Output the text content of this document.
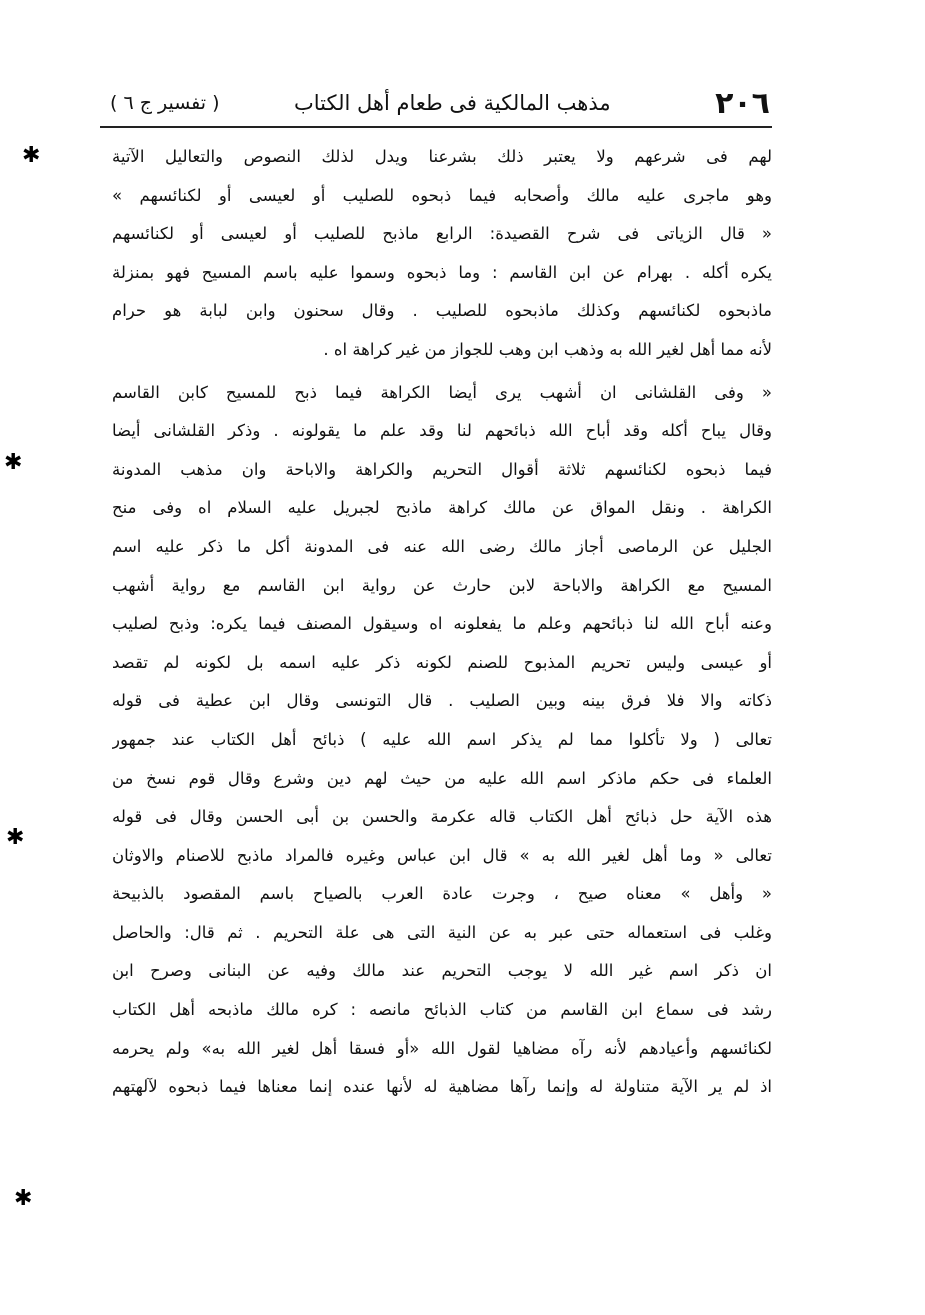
٢٠٦
مذهب المالكية فى طعام أهل الكتاب
( تفسير ج ٦ )
✱
✱
✱
✱
لهم فى شرعهم ولا يعتبر ذلك بشرعنا ويدل لذلك النصوص والتعاليل الآتية
وهو ماجرى عليه مالك وأصحابه فيما ذبحوه للصليب أو لعيسى أو لكنائسهم »
« قال الزياتى فى شرح القصيدة: الرابع ماذبح للصليب أو لعيسى أو لكنائسهم
يكره أكله . بهرام عن ابن القاسم : وما ذبحوه وسموا عليه باسم المسيح فهو بمنزلة
ماذبحوه لكنائسهم وكذلك ماذبحوه للصليب . وقال سحنون وابن لبابة هو حرام
لأنه مما أهل لغير الله به وذهب ابن وهب للجواز من غير كراهة اه .
« وفى القلشانى ان أشهب يرى أيضا الكراهة فيما ذبح للمسيح كابن القاسم
وقال يباح أكله وقد أباح الله ذبائحهم لنا وقد علم ما يقولونه . وذكر القلشانى أيضا
فيما ذبحوه لكنائسهم ثلاثة أقوال التحريم والكراهة والاباحة وان مذهب المدونة
الكراهة . ونقل المواق عن مالك كراهة ماذبح لجبريل عليه السلام اه وفى منح
الجليل عن الرماصى أجاز مالك رضى الله عنه فى المدونة أكل ما ذكر عليه اسم
المسيح مع الكراهة والاباحة لابن حارث عن رواية ابن القاسم مع رواية أشهب
وعنه أباح الله لنا ذبائحهم وعلم ما يفعلونه اه وسيقول المصنف فيما يكره: وذبح لصليب
أو عيسى وليس تحريم المذبوح للصنم لكونه ذكر عليه اسمه بل لكونه لم تقصد
ذكاته والا فلا فرق بينه وبين الصليب . قال التونسى وقال ابن عطية فى قوله
تعالى ( ولا تأكلوا مما لم يذكر اسم الله عليه ) ذبائح أهل الكتاب عند جمهور
العلماء فى حكم ماذكر اسم الله عليه من حيث لهم دين وشرع وقال قوم نسخ من
هذه الآية حل ذبائح أهل الكتاب قاله عكرمة والحسن بن أبى الحسن وقال فى قوله
تعالى « وما أهل لغير الله به » قال ابن عباس وغيره فالمراد ماذبح للاصنام والاوثان
« وأهل » معناه صيح ، وجرت عادة العرب بالصياح باسم المقصود بالذبيحة
وغلب فى استعماله حتى عبر به عن النية التى هى علة التحريم . ثم قال: والحاصل
ان ذكر اسم غير الله لا يوجب التحريم عند مالك وفيه عن البنانى وصرح ابن
رشد فى سماع ابن القاسم من كتاب الذبائح مانصه : كره مالك ماذبحه أهل الكتاب
لكنائسهم وأعيادهم لأنه رآه مضاهيا لقول الله «أو فسقا أهل لغير الله به» ولم يحرمه
اذ لم ير الآية متناولة له وإنما رآها مضاهية له لأنها عنده إنما معناها فيما ذبحوه لآلهتهم
